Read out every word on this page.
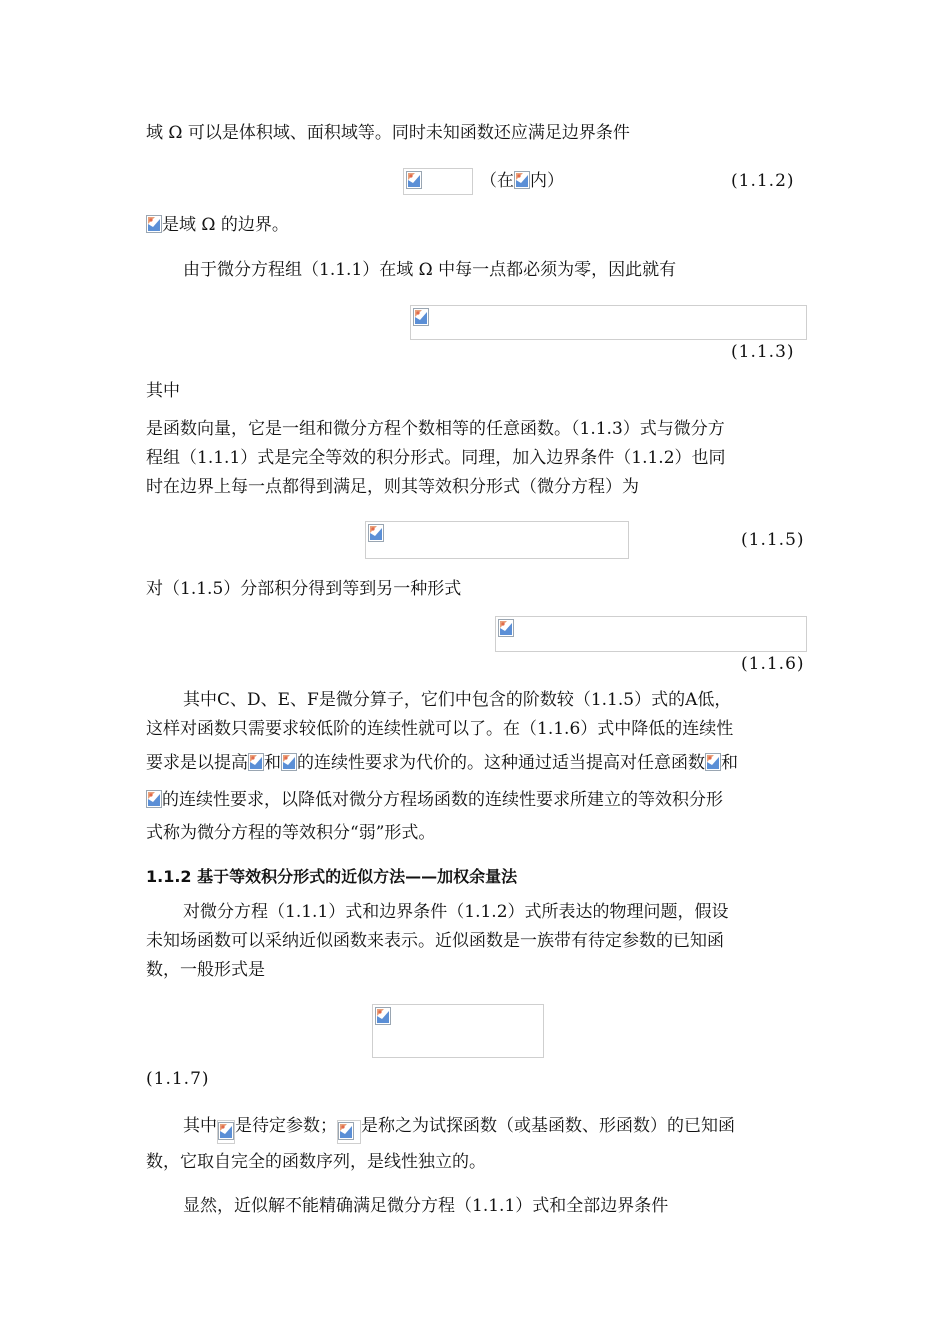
域 Ω 可以是体积域、面积域等。同时未知函数还应满足边界条件
（在 内）	(1.1.2)
是域 Ω 的边界。
由于微分方程组（1.1.1）在域 Ω 中每一点都必须为零，因此就有
(1.1.3)
其中
是函数向量，它是一组和微分方程个数相等的任意函数。（1.1.3）式与微分方
程组（1.1.1）式是完全等效的积分形式。同理，加入边界条件（1.1.2）也同
时在边界上每一点都得到满足，则其等效积分形式（微分方程）为
(1.1.5)
对（1.1.5）分部积分得到等到另一种形式
(1.1.6)
其中C、D、E、F是微分算子，它们中包含的阶数较（1.1.5）式的A低，
这样对函数只需要求较低阶的连续性就可以了。在（1.1.6）式中降低的连续性
要求是以提高 和 的连续性要求为代价的。这种通过适当提高对任意函数 和
的连续性要求，以降低对微分方程场函数的连续性要求所建立的等效积分形
式称为微分方程的等效积分“弱”形式。
1.1.2 基于等效积分形式的近似方法——加权余量法
对微分方程（1.1.1）式和边界条件（1.1.2）式所表达的物理问题，假设
未知场函数可以采纳近似函数来表示。近似函数是一族带有待定参数的已知函
数，一般形式是
(1.1.7)
其中 是待定参数； 是称之为试探函数（或基函数、形函数）的已知函
数，它取自完全的函数序列，是线性独立的。
显然，近似解不能精确满足微分方程（1.1.1）式和全部边界条件
